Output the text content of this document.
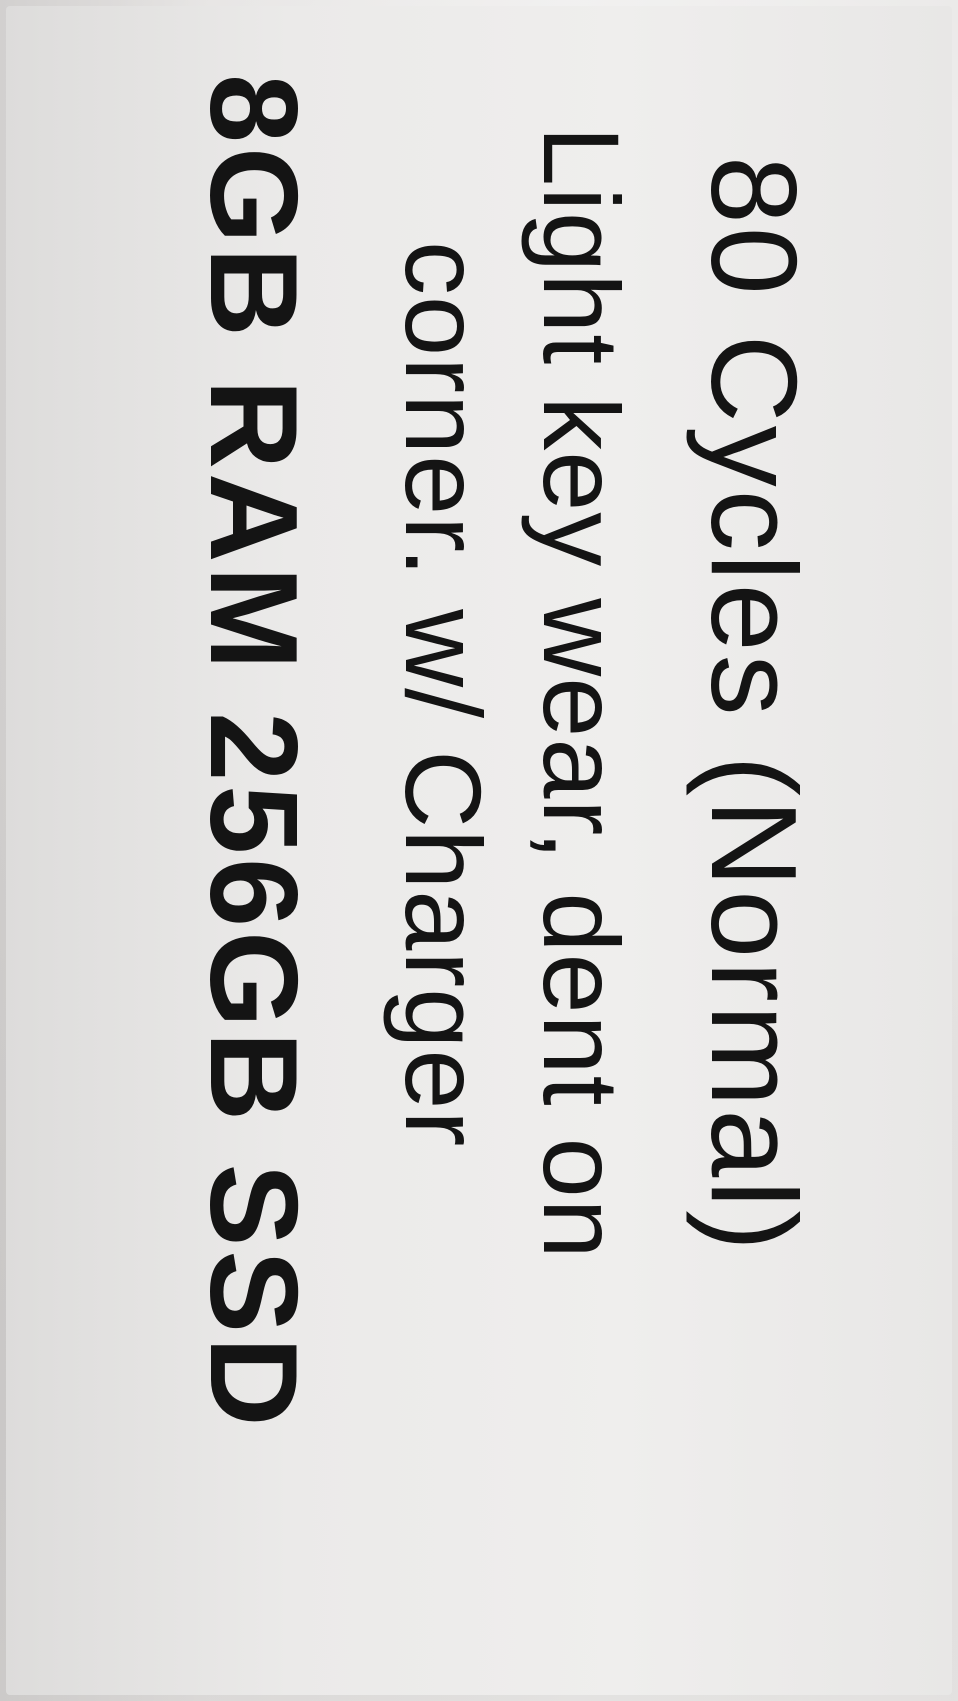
80 Cycles (Normal)
Light key wear, dent on
corner. w/ Charger
8GB RAM 256GB SSD
